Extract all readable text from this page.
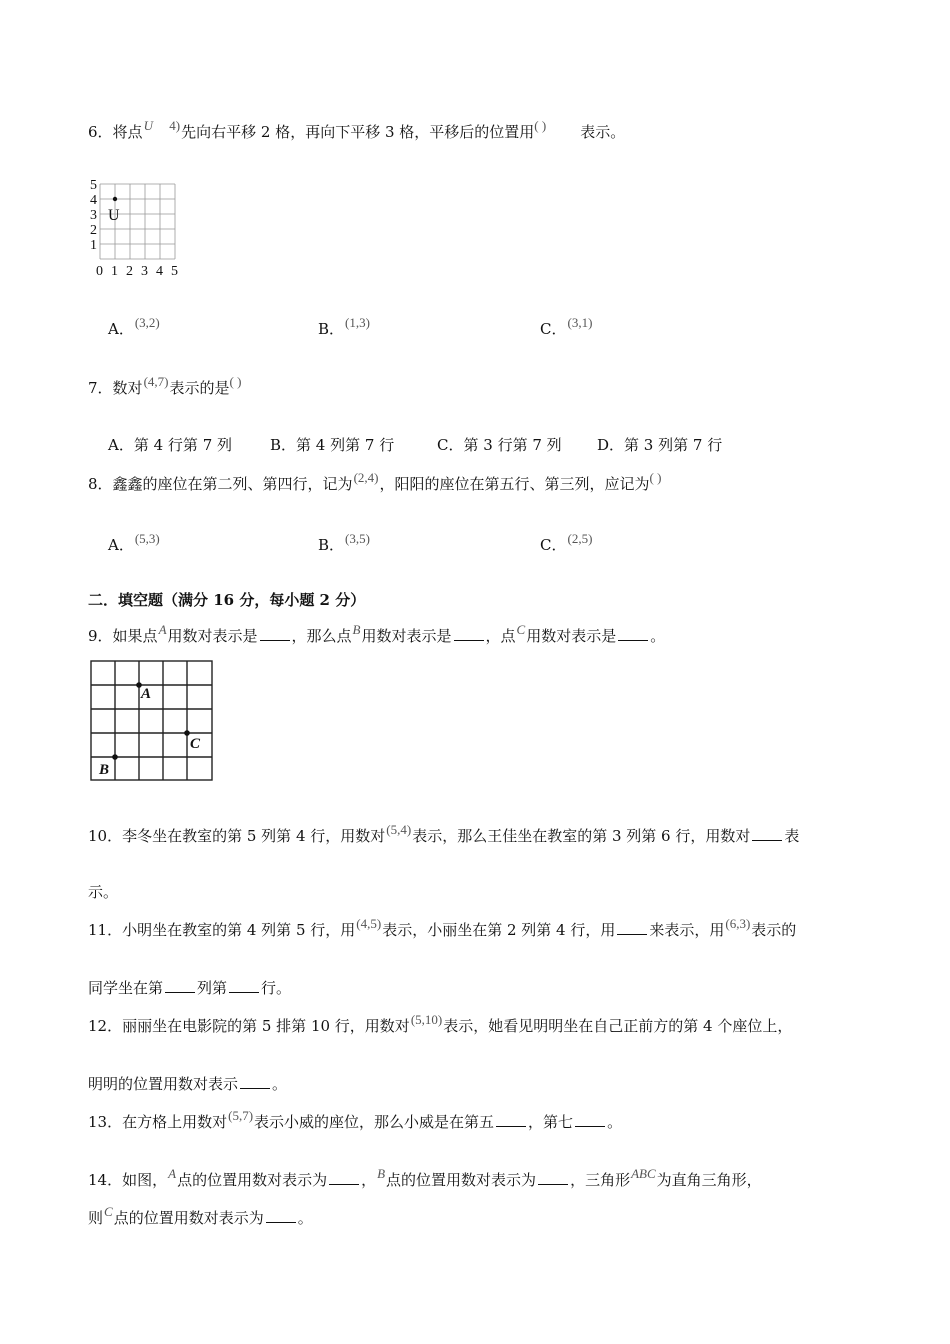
6．将点U 4)先向右平移 2 格，再向下平移 3 格，平移后的位置用( ) 表示。
5
4
3
2
1
0 1 2 3 4 5
U
A．(3,2)	B．(1,3)	C．(3,1)
7．数对(4,7)表示的是( )
A．第 4 行第 7 列	B．第 4 列第 7 行	C．第 3 行第 7 列 D．第 3 列第 7 行
8．鑫鑫的座位在第二列、第四行，记为(2,4)，阳阳的座位在第五行、第三列，应记为( )
A．(5,3)	B．(3,5)	C．(2,5)
二．填空题（满分 16 分，每小题 2 分）
9．如果点A用数对表示是 ，那么点B用数对表示是 ，点C用数对表示是 。
A
C
B
10．李冬坐在教室的第 5 列第 4 行，用数对(5,4)表示，那么王佳坐在教室的第 3 列第 6 行，用数对 表
示。
11．小明坐在教室的第 4 列第 5 行，用(4,5)表示，小丽坐在第 2 列第 4 行，用 来表示，用(6,3)表示的
同学坐在第 列第 行。
12．丽丽坐在电影院的第 5 排第 10 行，用数对(5,10)表示，她看见明明坐在自己正前方的第 4 个座位上，
明明的位置用数对表示 。
13．在方格上用数对(5,7)表示小威的座位，那么小威是在第五 ，第七 。
14．如图，A点的位置用数对表示为 ，B点的位置用数对表示为 ，三角形ABC为直角三角形，
则C点的位置用数对表示为 。
